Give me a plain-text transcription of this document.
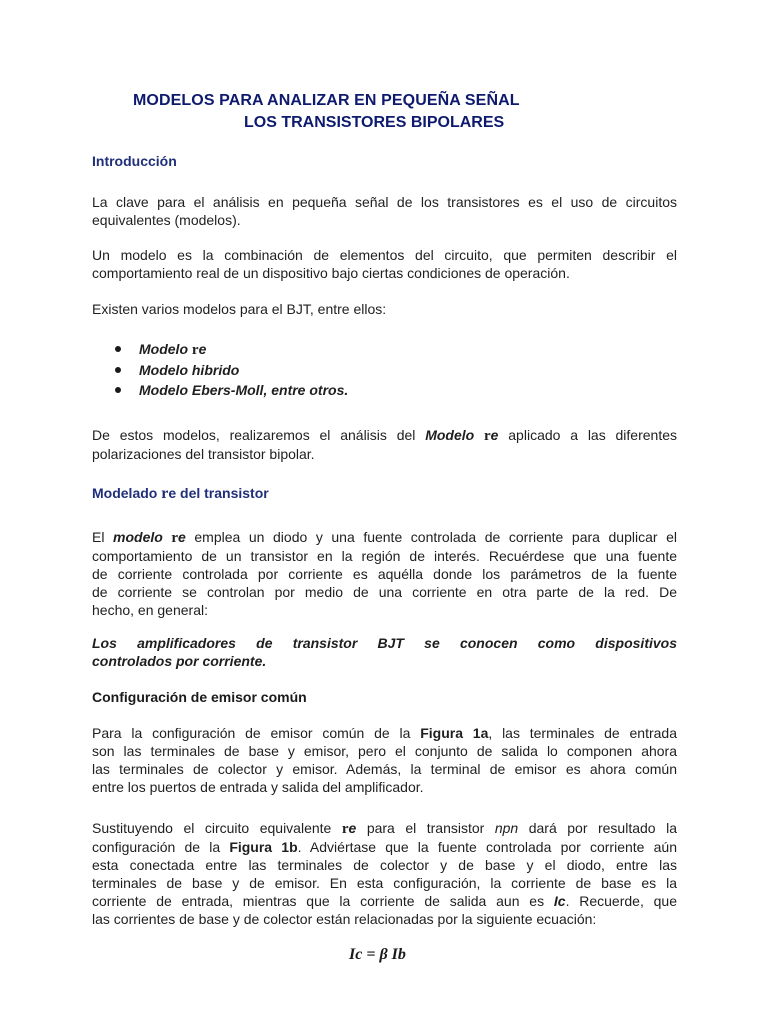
MODELOS PARA ANALIZAR EN PEQUEÑA SEÑAL
LOS TRANSISTORES BIPOLARES
Introducción
La clave para el análisis en pequeña señal de los transistores es el uso de circuitos
equivalentes (modelos).
Un modelo es la combinación de elementos del circuito, que permiten describir el
comportamiento real de un dispositivo bajo ciertas condiciones de operación.
Existen varios modelos para el BJT, entre ellos:
Modelo re
Modelo hibrido
Modelo Ebers-Moll, entre otros.
De estos modelos, realizaremos el análisis del Modelo re aplicado a las diferentes
polarizaciones del transistor bipolar.
Modelado re del transistor
El modelo re emplea un diodo y una fuente controlada de corriente para duplicar el
comportamiento de un transistor en la región de interés. Recuérdese que una fuente
de corriente controlada por corriente es aquélla donde los parámetros de la fuente
de corriente se controlan por medio de una corriente en otra parte de la red. De
hecho, en general:
Los amplificadores de transistor BJT se conocen como dispositivos
controlados por corriente.
Configuración de emisor común
Para la configuración de emisor común de la Figura 1a, las terminales de entrada
son las terminales de base y emisor, pero el conjunto de salida lo componen ahora
las terminales de colector y emisor. Además, la terminal de emisor es ahora común
entre los puertos de entrada y salida del amplificador.
Sustituyendo el circuito equivalente re para el transistor npn dará por resultado la
configuración de la Figura 1b. Adviértase que la fuente controlada por corriente aún
esta conectada entre las terminales de colector y de base y el diodo, entre las
terminales de base y de emisor. En esta configuración, la corriente de base es la
corriente de entrada, mientras que la corriente de salida aun es Ic. Recuerde, que
las corrientes de base y de colector están relacionadas por la siguiente ecuación:
Ic = β Ib
